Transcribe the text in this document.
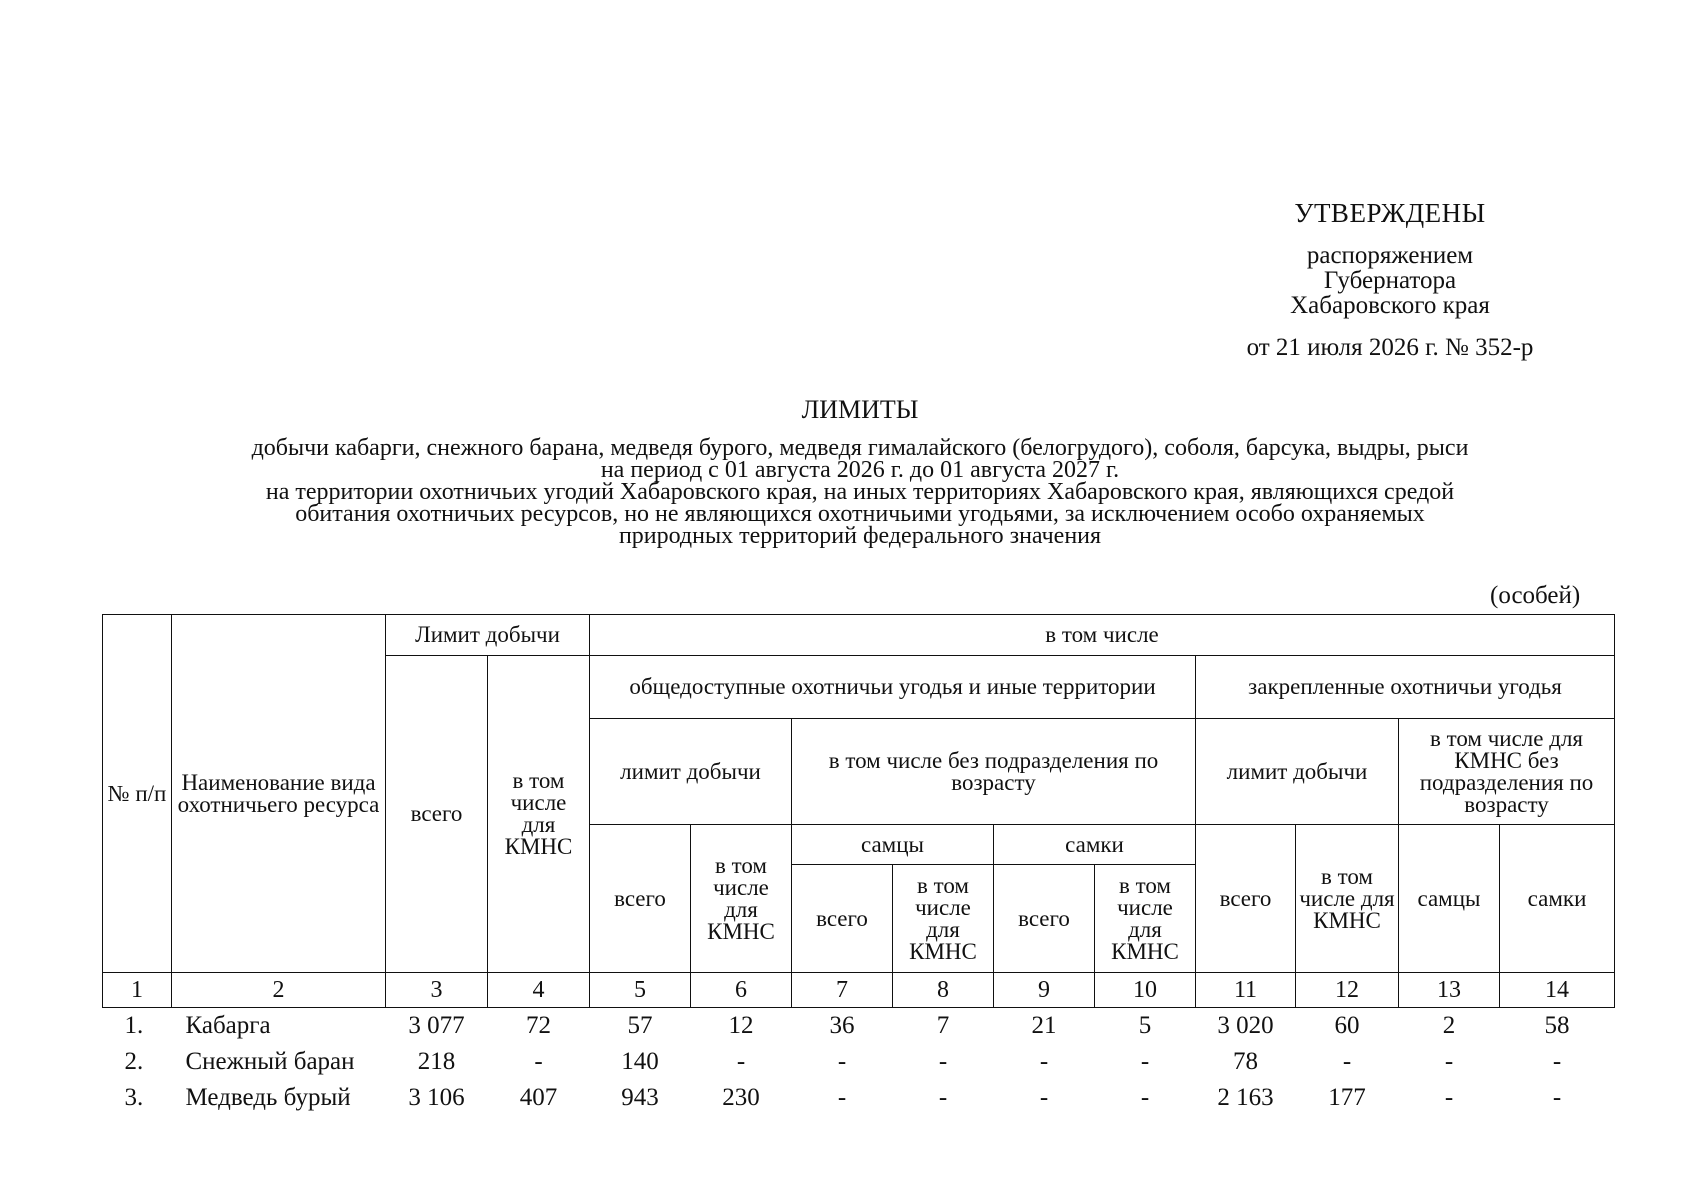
УТВЕРЖДЕНЫ
распоряжением
Губернатора
Хабаровского края
от 21 июля 2026 г. № 352-р
ЛИМИТЫ
добычи кабарги, снежного барана, медведя бурого, медведя гималайского (белогрудого), соболя, барсука, выдры, рыси
на период с 01 августа 2026 г. до 01 августа 2027 г.
на территории охотничьих угодий Хабаровского края, на иных территориях Хабаровского края, являющихся средой
обитания охотничьих ресурсов, но не являющихся охотничьими угодьями, за исключением особо охраняемых
природных территорий федерального значения
(особей)
№ п/п	Наименование вида охотничьего ресурса	Лимит добычи		в том числе									
		всего	в том числе для КМНС	общедоступные охотничьи угодья и иные территории						закрепленные охотничьи угодья			
				лимит добычи		в том числе без подразделения по возрасту				лимит добычи		в том числе для КМНС без подразделения по возрасту	
				всего	в том числе для КМНС	самцы		самки		всего	в том числе для КМНС	самцы	самки
						всего	в том числе для КМНС	всего	в том числе для КМНС				
1	2	3	4	5	6	7	8	9	10	11	12	13	14
1.	Кабарга	3 077	72	57	12	36	7	21	5	3 020	60	2	58
2.	Снежный баран	218	-	140	-	-	-	-	-	78	-	-	-
3.	Медведь бурый	3 106	407	943	230	-	-	-	-	2 163	177	-	-
